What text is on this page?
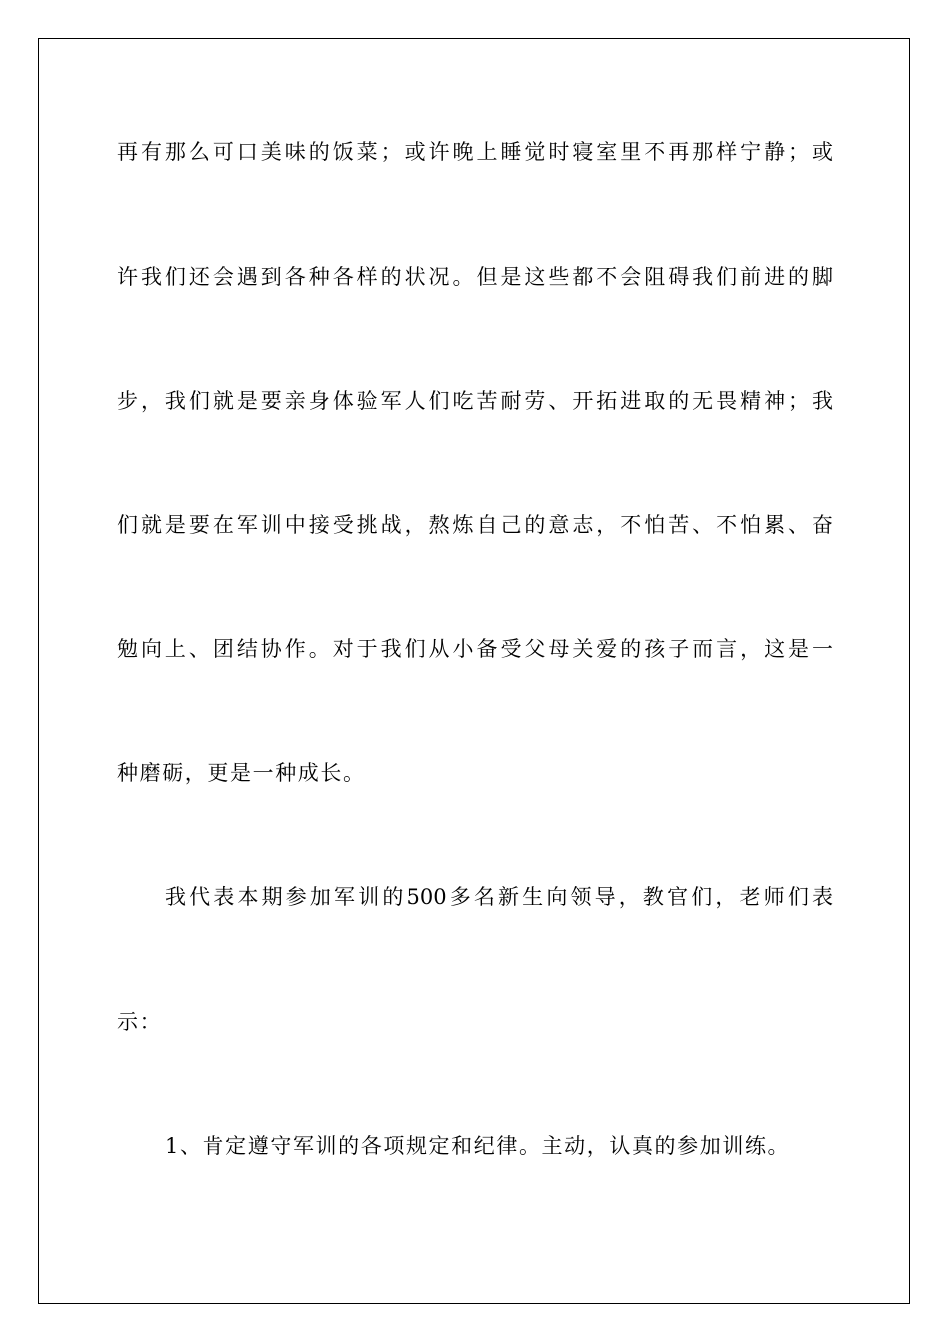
再有那么可口美味的饭菜；或许晚上睡觉时寝室里不再那样宁静；或
许我们还会遇到各种各样的状况。但是这些都不会阻碍我们前进的脚
步，我们就是要亲身体验军人们吃苦耐劳、开拓进取的无畏精神；我
们就是要在军训中接受挑战，熬炼自己的意志，不怕苦、不怕累、奋
勉向上、团结协作。对于我们从小备受父母关爱的孩子而言，这是一
种磨砺，更是一种成长。
我代表本期参加军训的500多名新生向领导，教官们，老师们表
示：
1、肯定遵守军训的各项规定和纪律。主动，认真的参加训练。
